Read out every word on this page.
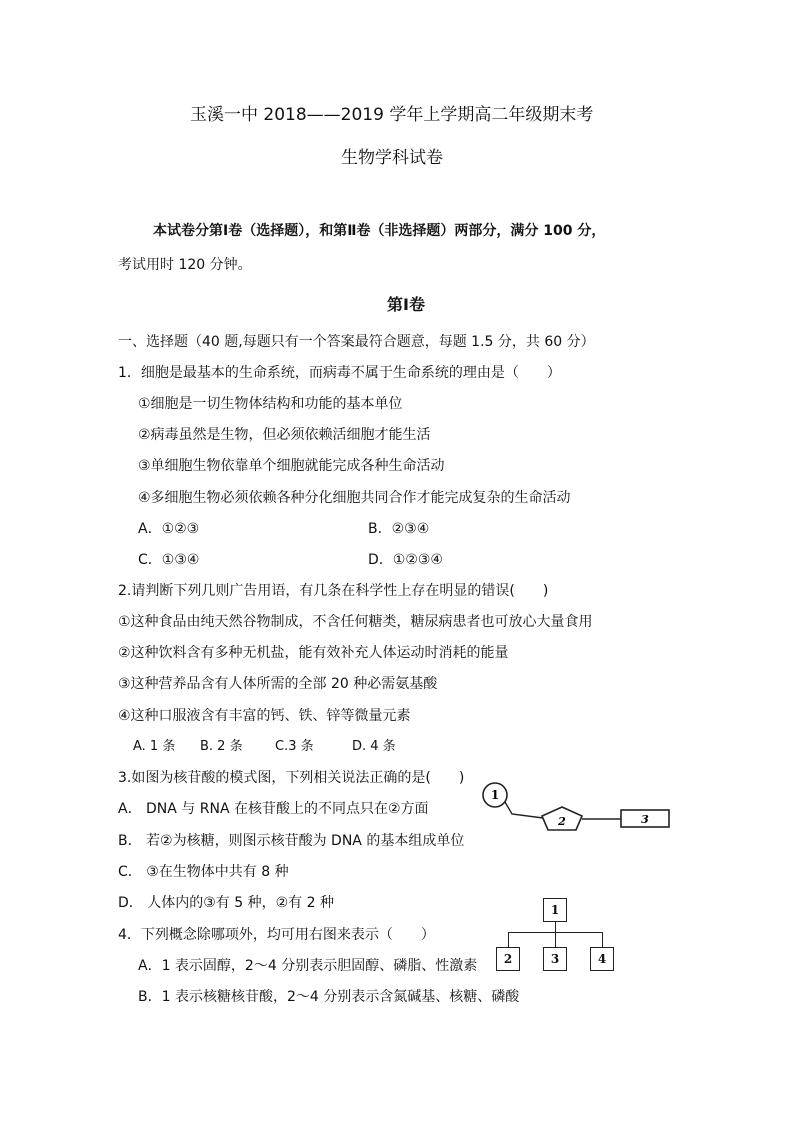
玉溪一中 2018——2019 学年上学期高二年级期末考
生物学科试卷
本试卷分第Ⅰ卷（选择题），和第Ⅱ卷（非选择题）两部分，满分 100 分，
考试用时 120 分钟。
第Ⅰ卷
一、选择题（40 题,每题只有一个答案最符合题意，每题 1.5 分，共 60 分）
1．细胞是最基本的生命系统，而病毒不属于生命系统的理由是（　　）
①细胞是一切生物体结构和功能的基本单位
②病毒虽然是生物，但必须依赖活细胞才能生活
③单细胞生物依靠单个细胞就能完成各种生命活动
④多细胞生物必须依赖各种分化细胞共同合作才能完成复杂的生命活动
A．①②③	B．②③④
C．①③④	D．①②③④
2.请判断下列几则广告用语，有几条在科学性上存在明显的错误(　　)
①这种食品由纯天然谷物制成，不含任何糖类，糖尿病患者也可放心大量食用
②这种饮料含有多种无机盐，能有效补充人体运动时消耗的能量
③这种营养品含有人体所需的全部 20 种必需氨基酸
④这种口服液含有丰富的钙、铁、锌等微量元素
A. 1 条 B. 2 条 C.3 条	D. 4 条
3.如图为核苷酸的模式图，下列相关说法正确的是(　　)
A． DNA 与 RNA 在核苷酸上的不同点只在②方面
B． 若②为核糖，则图示核苷酸为 DNA 的基本组成单位
C． ③在生物体中共有 8 种
D． 人体内的③有 5 种，②有 2 种
1
2	3
4．下列概念除哪项外，均可用右图来表示（　　）
A．1 表示固醇，2～4 分别表示胆固醇、磷脂、性激素
B．1 表示核糖核苷酸，2～4 分别表示含氮碱基、核糖、磷酸
1
2	3	4
